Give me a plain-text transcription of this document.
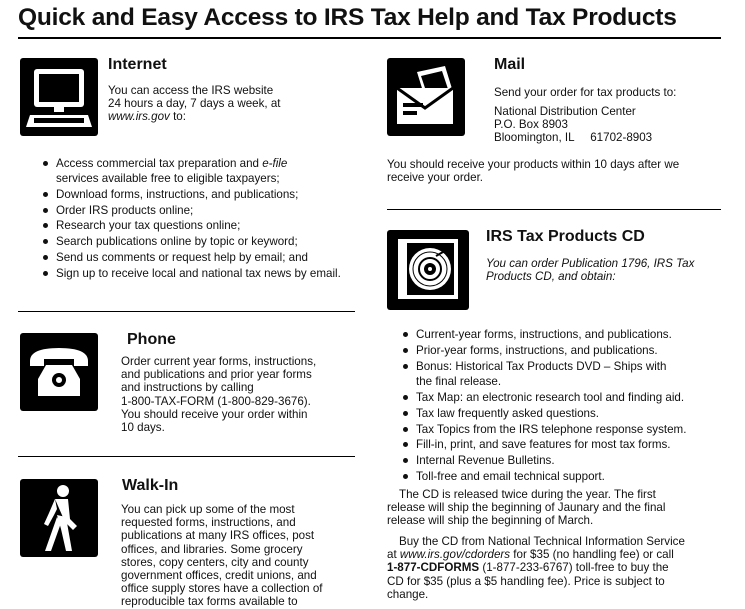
Quick and Easy Access to IRS Tax Help and Tax Products
Internet
You can access the IRS website
24 hours a day, 7 days a week, at
www.irs.gov to:
Access commercial tax preparation and e-file
services available free to eligible taxpayers;
Download forms, instructions, and publications;
Order IRS products online;
Research your tax questions online;
Search publications online by topic or keyword;
Send us comments or request help by email; and
Sign up to receive local and national tax news by email.
Phone
Order current year forms, instructions,
and publications and prior year forms
and instructions by calling
1-800-TAX-FORM (1-800-829-3676).
You should receive your order within
10 days.
Walk-In
You can pick up some of the most
requested forms, instructions, and
publications at many IRS offices, post
offices, and libraries. Some grocery
stores, copy centers, city and county
government offices, credit unions, and
office supply stores have a collection of
reproducible tax forms available to
Mail
Send your order for tax products to:
National Distribution Center
P.O. Box 8903
Bloomington, IL     61702-8903
You should receive your products within 10 days after we
receive your order.
IRS Tax Products CD
You can order Publication 1796, IRS Tax
Products CD, and obtain:
Current-year forms, instructions, and publications.
Prior-year forms, instructions, and publications.
Bonus: Historical Tax Products DVD – Ships with
the final release.
Tax Map: an electronic research tool and finding aid.
Tax law frequently asked questions.
Tax Topics from the IRS telephone response system.
Fill-in, print, and save features for most tax forms.
Internal Revenue Bulletins.
Toll-free and email technical support.
The CD is released twice during the year. The first
release will ship the beginning of Jaunary and the final
release will ship the beginning of March.
Buy the CD from National Technical Information Service
at www.irs.gov/cdorders for $35 (no handling fee) or call
1-877-CDFORMS (1-877-233-6767) toll-free to buy the
CD for $35 (plus a $5 handling fee). Price is subject to
change.
